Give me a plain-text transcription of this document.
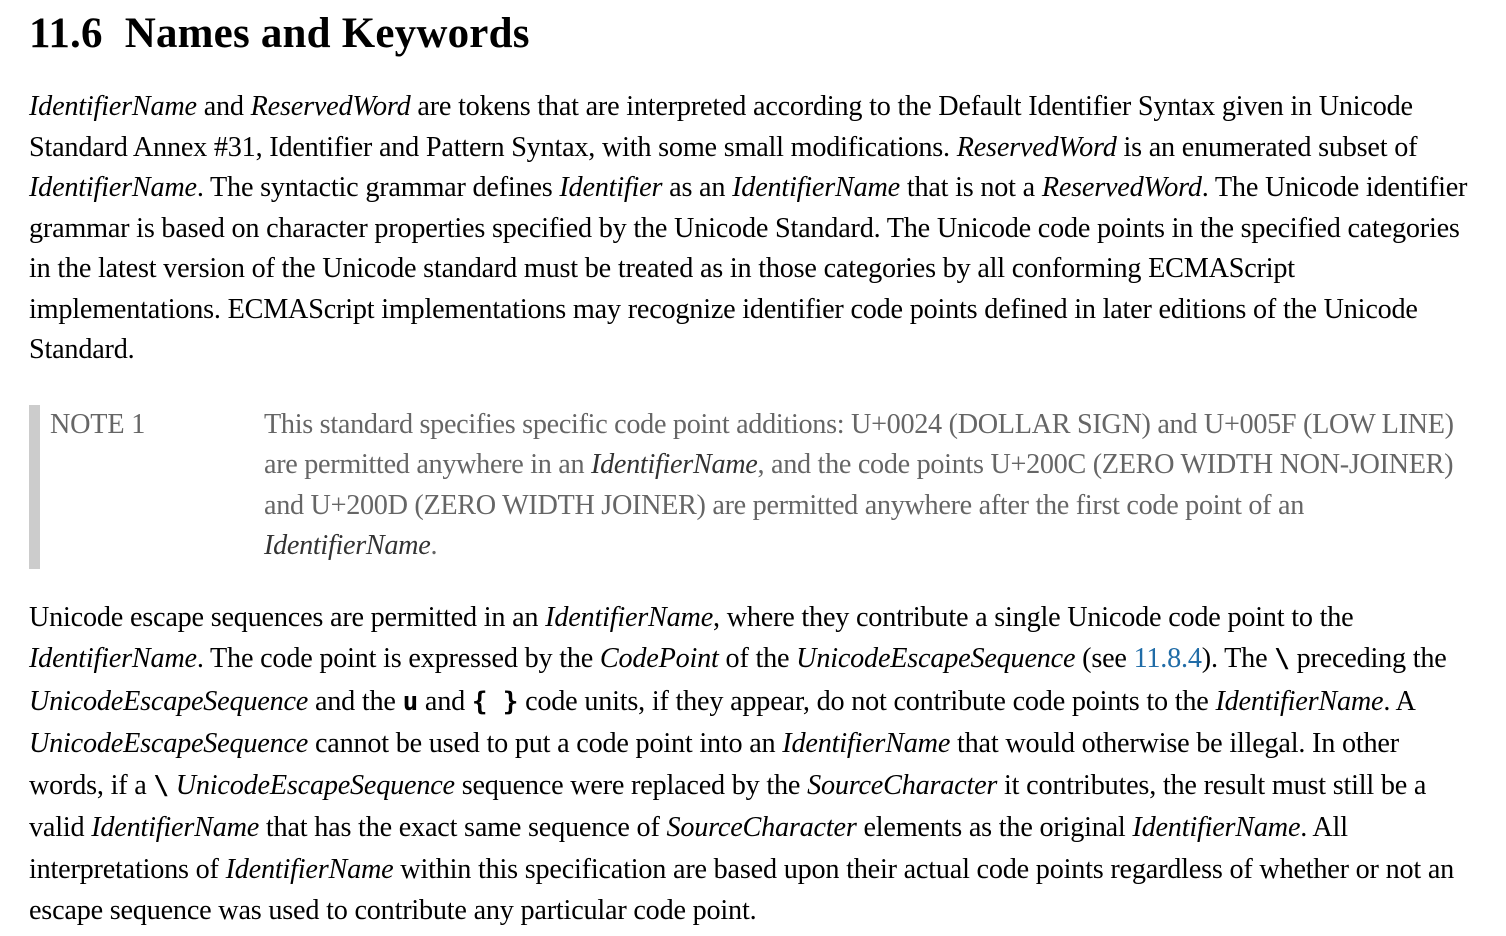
11.6 Names and Keywords

IdentifierName and ReservedWord are tokens that are interpreted according to the Default Identifier Syntax given in Unicode Standard Annex #31, Identifier and Pattern Syntax, with some small modifications. ReservedWord is an enumerated subset of IdentifierName. The syntactic grammar defines Identifier as an IdentifierName that is not a ReservedWord. The Unicode identifier grammar is based on character properties specified by the Unicode Standard. The Unicode code points in the specified categories in the latest version of the Unicode standard must be treated as in those categories by all conforming ECMAScript implementations. ECMAScript implementations may recognize identifier code points defined in later editions of the Unicode Standard.

NOTE 1	This standard specifies specific code point additions: U+0024 (DOLLAR SIGN) and U+005F (LOW LINE) are permitted anywhere in an IdentifierName, and the code points U+200C (ZERO WIDTH NON-JOINER) and U+200D (ZERO WIDTH JOINER) are permitted anywhere after the first code point of an IdentifierName.

Unicode escape sequences are permitted in an IdentifierName, where they contribute a single Unicode code point to the IdentifierName. The code point is expressed by the CodePoint of the UnicodeEscapeSequence (see 11.8.4). The \ preceding the UnicodeEscapeSequence and the u and { } code units, if they appear, do not contribute code points to the IdentifierName. A UnicodeEscapeSequence cannot be used to put a code point into an IdentifierName that would otherwise be illegal. In other words, if a \ UnicodeEscapeSequence sequence were replaced by the SourceCharacter it contributes, the result must still be a valid IdentifierName that has the exact same sequence of SourceCharacter elements as the original IdentifierName. All interpretations of IdentifierName within this specification are based upon their actual code points regardless of whether or not an escape sequence was used to contribute any particular code point.
